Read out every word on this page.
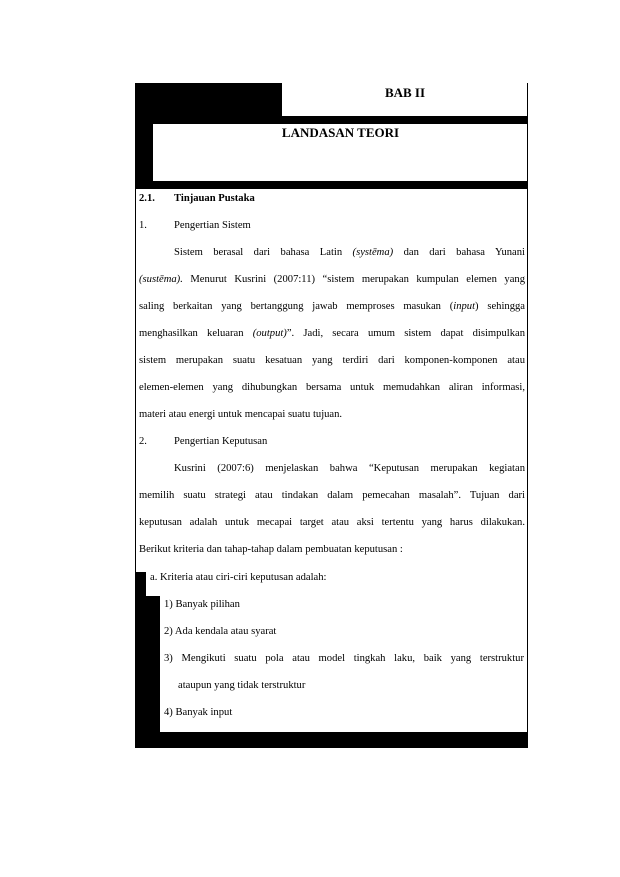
BAB II
LANDASAN TEORI
2.1. Tinjauan Pustaka
1.	Pengertian Sistem
Sistem berasal dari bahasa Latin (systēma) dan dari bahasa Yunani
(sustēma). Menurut Kusrini (2007:11) “sistem merupakan kumpulan elemen yang
saling berkaitan yang bertanggung jawab memproses masukan (input) sehingga
menghasilkan keluaran (output)”. Jadi, secara umum sistem dapat disimpulkan
sistem merupakan suatu kesatuan yang terdiri dari komponen-komponen atau
elemen-elemen yang dihubungkan bersama untuk memudahkan aliran informasi,
materi atau energi untuk mencapai suatu tujuan.
2.	Pengertian Keputusan
Kusrini (2007:6) menjelaskan bahwa “Keputusan merupakan kegiatan
memilih suatu strategi atau tindakan dalam pemecahan masalah”. Tujuan dari
keputusan adalah untuk mecapai target atau aksi tertentu yang harus dilakukan.
Berikut kriteria dan tahap-tahap dalam pembuatan keputusan :
a. Kriteria atau ciri-ciri keputusan adalah:
1) Banyak pilihan
2) Ada kendala atau syarat
3) Mengikuti suatu pola atau model tingkah laku, baik yang terstruktur
ataupun yang tidak terstruktur
4) Banyak input
